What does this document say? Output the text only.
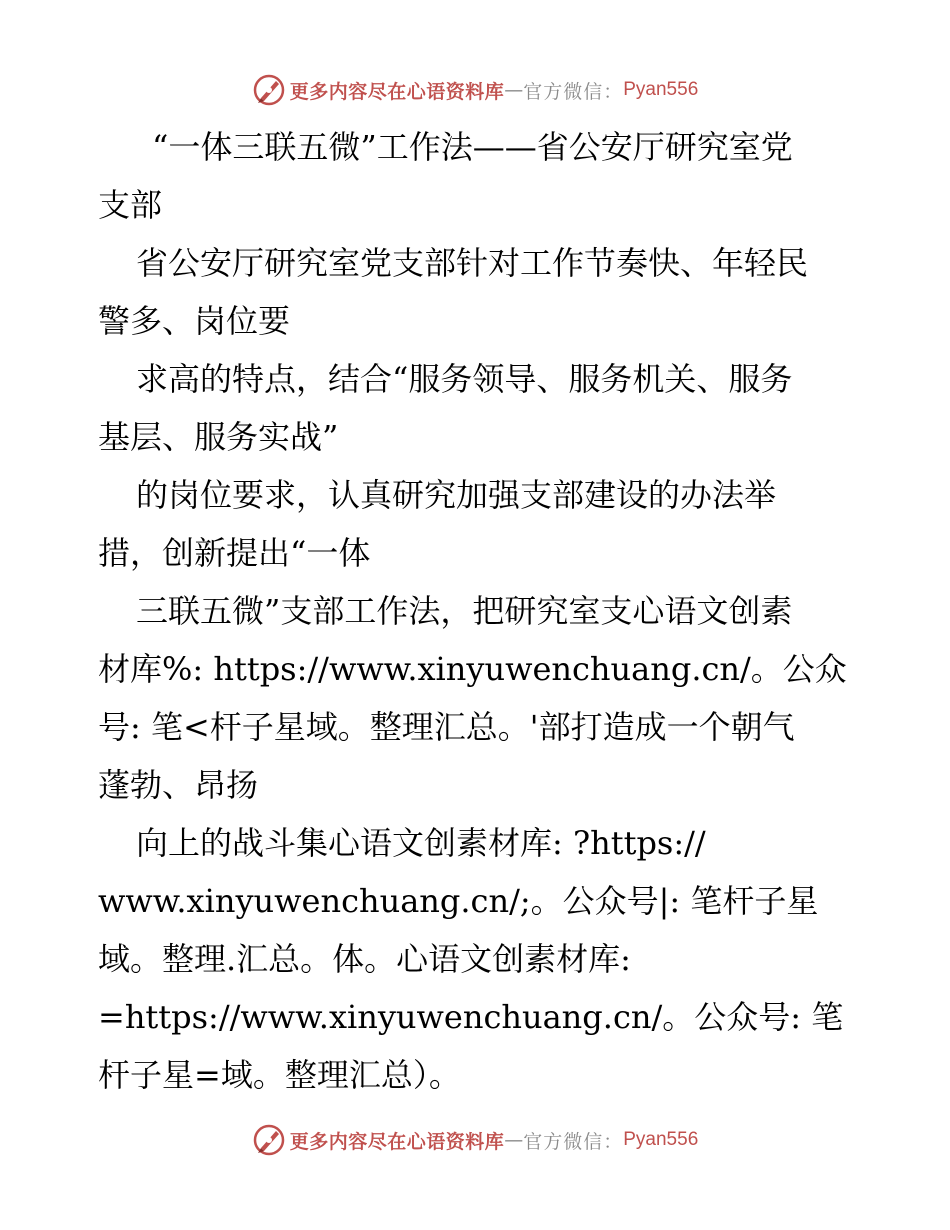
更多内容尽在心语资料库 — 官方微信： Pyan556
“一体三联五微”工作法——省公安厅研究室党
支部
省公安厅研究室党支部针对工作节奏快、年轻民
警多、岗位要
求高的特点，结合“服务领导、服务机关、服务
基层、服务实战”
的岗位要求，认真研究加强支部建设的办法举
措，创新提出“一体
三联五微”支部工作法，把研究室支心语文创素
材库%: https://www.xinyuwenchuang.cn/。公众
号: 笔<杆子星域。整理汇总。'部打造成一个朝气
蓬勃、昂扬
向上的战斗集心语文创素材库: ?https://
www.xinyuwenchuang.cn/;。公众号|: 笔杆子星
域。整理.汇总。体。心语文创素材库:
=https://www.xinyuwenchuang.cn/。公众号: 笔
杆子星=域。整理汇总）。
更多内容尽在心语资料库 — 官方微信： Pyan556
